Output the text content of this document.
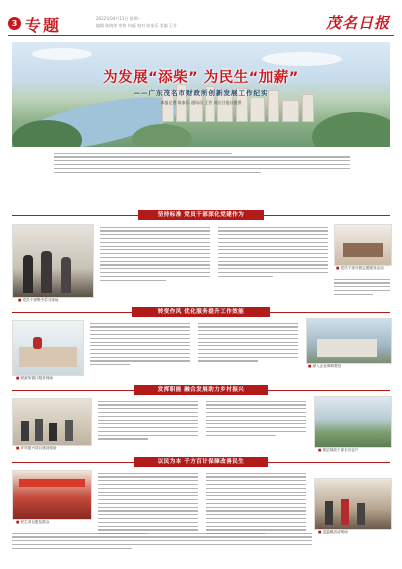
3 专题	2022年04月11日 星期一
编辑 陈晓华 审核 何磊 校对 陈家乐 美编 王芳	茂名日报
为发展“添柴” 为民生“加薪”
——广东茂名市财政所创新发展工作纪实
本报记者 陈家乐 通讯员 王芳 茂名日报社提供
坚持标准 党员干部深化党建作为
■ 党员干部集中学习现场
■ 党员干部开展志愿服务活动
转变作风 优化服务提升工作效能
■ 财政所窗口服务现场
■ 深入企业调研帮扶
发挥职能 融合发展助力乡村振兴
■ 乡村振兴项目建设现场
■	基层财政干部走访农户
以民为本 千方百计保障改善民生
■ 民生项目惠及群众
■ 送温暖活动现场
